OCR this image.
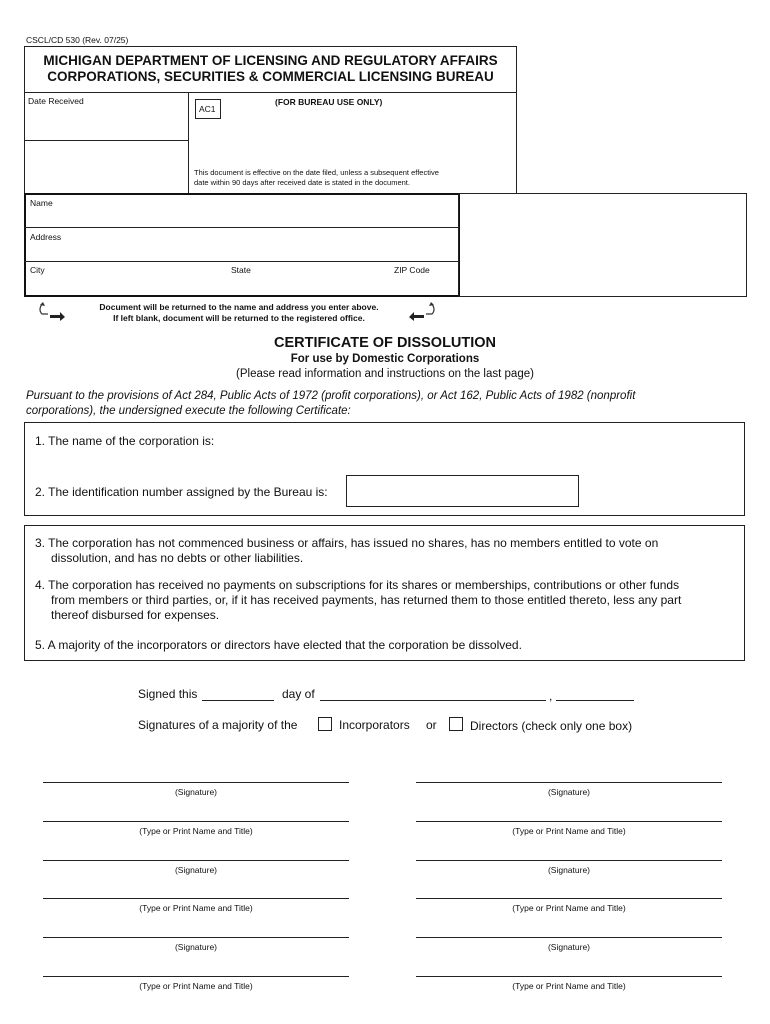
CSCL/CD 530 (Rev. 07/25)
MICHIGAN DEPARTMENT OF LICENSING AND REGULATORY AFFAIRS
CORPORATIONS, SECURITIES & COMMERCIAL LICENSING BUREAU
Date Received
AC1
(FOR BUREAU USE ONLY)
This document is effective on the date filed, unless a subsequent effective
date within 90 days after received date is stated in the document.
Name
Address
City	State	ZIP Code
Document will be returned to the name and address you enter above.
If left blank, document will be returned to the registered office.
CERTIFICATE OF DISSOLUTION
For use by Domestic Corporations
(Please read information and instructions on the last page)
Pursuant to the provisions of Act 284, Public Acts of 1972 (profit corporations), or Act 162, Public Acts of 1982 (nonprofit
corporations), the undersigned execute the following Certificate:
1. The name of the corporation is:
2. The identification number assigned by the Bureau is:
3. The corporation has not commenced business or affairs, has issued no shares, has no members entitled to vote on
dissolution, and has no debts or other liabilities.
4. The corporation has received no payments on subscriptions for its shares or memberships, contributions or other funds
from members or third parties, or, if it has received payments, has returned them to those entitled thereto, less any part
thereof disbursed for expenses.
5. A majority of the incorporators or directors have elected that the corporation be dissolved.
Signed this	day of	,
Signatures of a majority of the	Incorporators or	Directors (check only one box)
(Signature)
(Type or Print Name and Title)
(Signature)
(Type or Print Name and Title)
(Signature)
(Type or Print Name and Title)
(Signature)
(Type or Print Name and Title)
(Signature)
(Type or Print Name and Title)
(Signature)
(Type or Print Name and Title)
